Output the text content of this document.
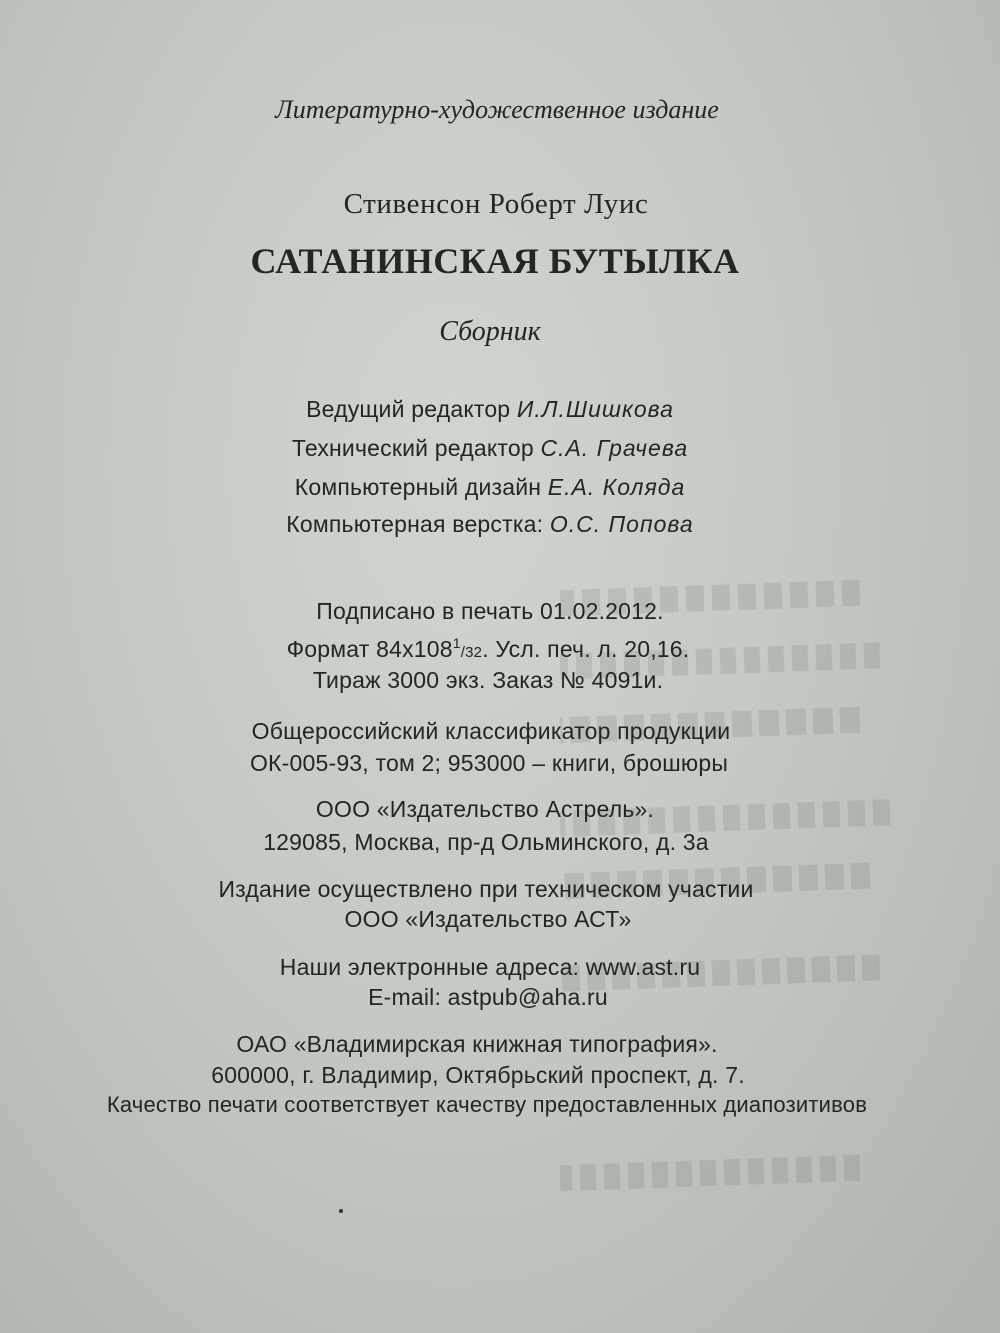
Литературно-художественное издание
Стивенсон Роберт Луис
САТАНИНСКАЯ БУТЫЛКА
Сборник
Ведущий редактор И.Л.Шишкова
Технический редактор С.А. Грачева
Компьютерный дизайн Е.А. Коляда
Компьютерная верстка: О.С. Попова
Подписано в печать 01.02.2012.
Формат $84x108^1/32$. Усл. печ. л. 20,16.
Тираж 3000 экз. Заказ № 4091и.
Общероссийский классификатор продукции
ОК-005-93, том 2; 953000 – книги, брошюры
ООО «Издательство Астрель».
129085, Москва, пр-д Ольминского, д. 3а
Издание осуществлено при техническом участии
ООО «Издательство АСТ»
Наши электронные адреса: www.ast.ru
E-mail: astpub@aha.ru
ОАО «Владимирская книжная типография».
600000, г. Владимир, Октябрьский проспект, д. 7.
Качество печати соответствует качеству предоставленных диапозитивов
